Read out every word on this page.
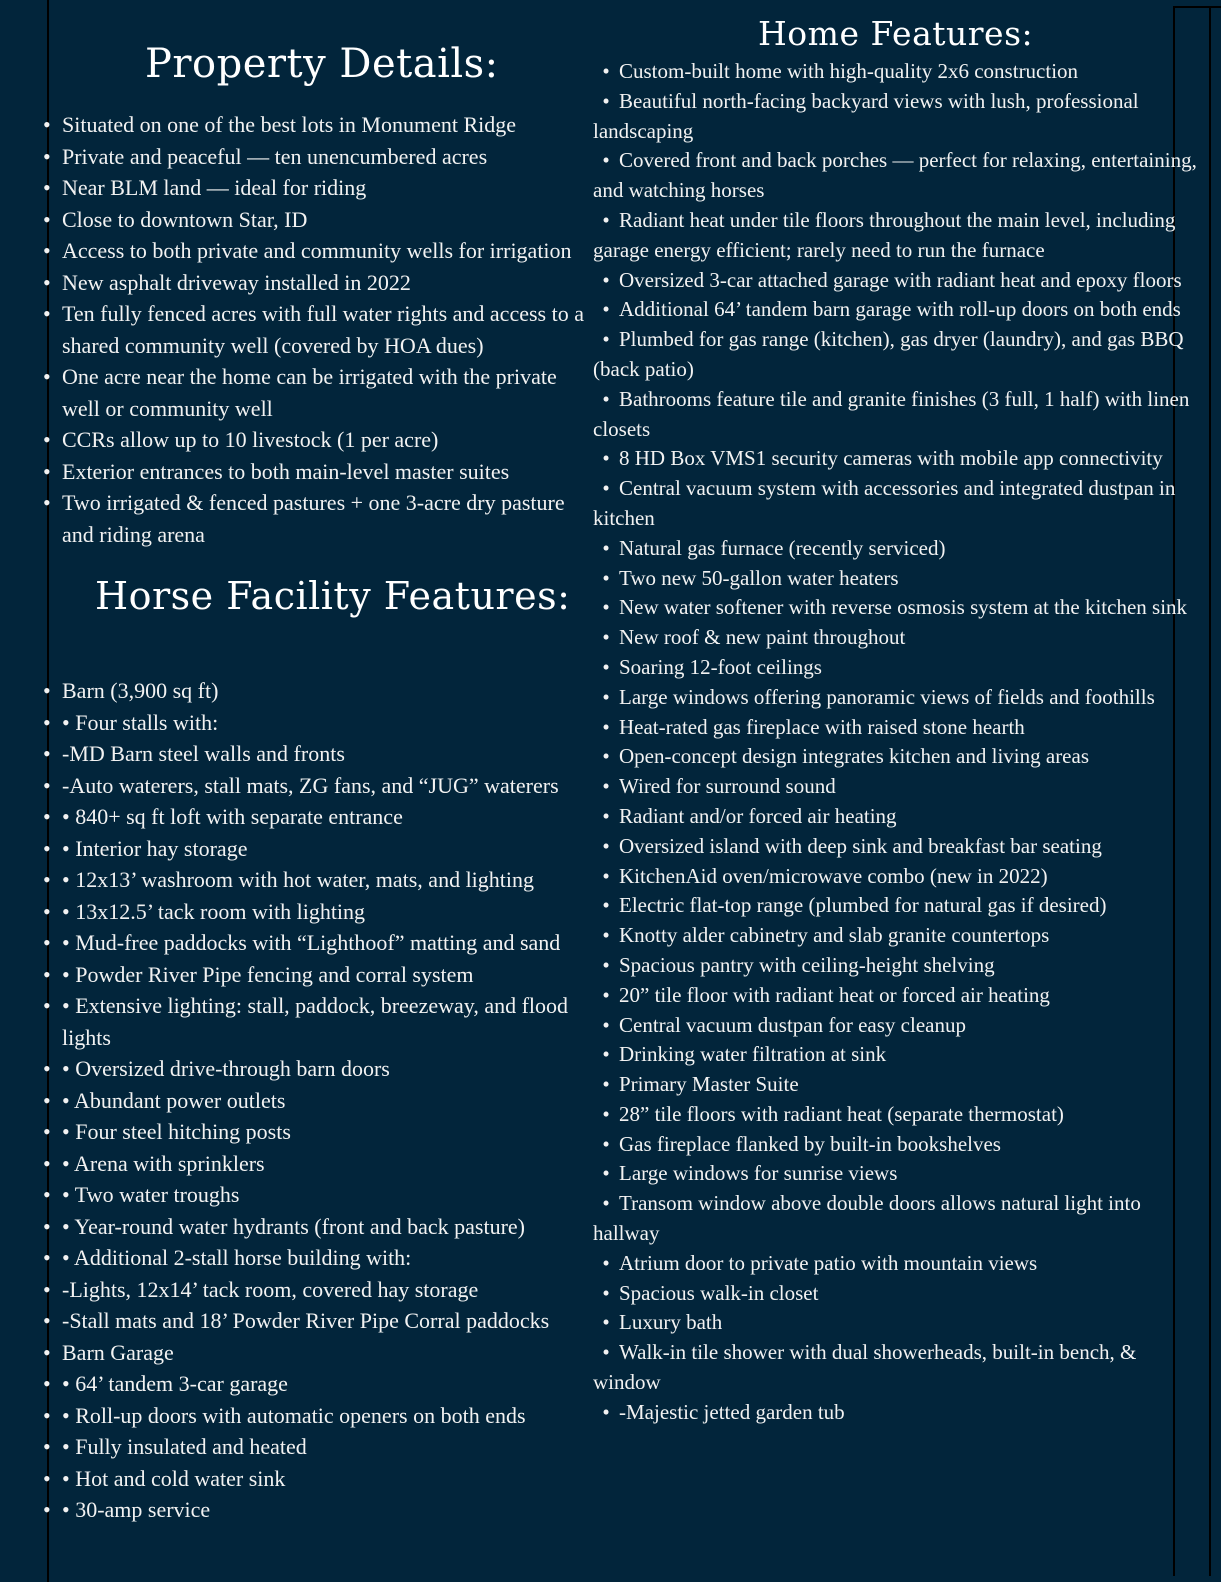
Property Details:
• Situated on one of the best lots in Monument Ridge
• Private and peaceful — ten unencumbered acres
• Near BLM land — ideal for riding
• Close to downtown Star, ID
• Access to both private and community wells for irrigation
• New asphalt driveway installed in 2022
• Ten fully fenced acres with full water rights and access to a shared community well (covered by HOA dues)
• One acre near the home can be irrigated with the private well or community well
• CCRs allow up to 10 livestock (1 per acre)
• Exterior entrances to both main-level master suites
• Two irrigated & fenced pastures + one 3-acre dry pasture and riding arena
Horse Facility Features:
• Barn (3,900 sq ft)
• • Four stalls with:
• -MD Barn steel walls and fronts
• -Auto waterers, stall mats, ZG fans, and “JUG” waterers
• • 840+ sq ft loft with separate entrance
• • Interior hay storage
• • 12x13’ washroom with hot water, mats, and lighting
• • 13x12.5’ tack room with lighting
• • Mud-free paddocks with “Lighthoof” matting and sand
• • Powder River Pipe fencing and corral system
• • Extensive lighting: stall, paddock, breezeway, and flood lights
• • Oversized drive-through barn doors
• • Abundant power outlets
• • Four steel hitching posts
• • Arena with sprinklers
• • Two water troughs
• • Year-round water hydrants (front and back pasture)
• • Additional 2-stall horse building with:
• -Lights, 12x14’ tack room, covered hay storage
• -Stall mats and 18’ Powder River Pipe Corral paddocks
• Barn Garage
• • 64’ tandem 3-car garage
• • Roll-up doors with automatic openers on both ends
• • Fully insulated and heated
• • Hot and cold water sink
• • 30-amp service
Home Features:
• Custom-built home with high-quality 2x6 construction
• Beautiful north-facing backyard views with lush, professional landscaping
• Covered front and back porches — perfect for relaxing, entertaining, and watching horses
• Radiant heat under tile floors throughout the main level, including garage energy efficient; rarely need to run the furnace
• Oversized 3-car attached garage with radiant heat and epoxy floors
• Additional 64’ tandem barn garage with roll-up doors on both ends
• Plumbed for gas range (kitchen), gas dryer (laundry), and gas BBQ (back patio)
• Bathrooms feature tile and granite finishes (3 full, 1 half) with linen closets
• 8 HD Box VMS1 security cameras with mobile app connectivity
• Central vacuum system with accessories and integrated dustpan in kitchen
• Natural gas furnace (recently serviced)
• Two new 50-gallon water heaters
• New water softener with reverse osmosis system at the kitchen sink
• New roof & new paint throughout
• Soaring 12-foot ceilings
• Large windows offering panoramic views of fields and foothills
• Heat-rated gas fireplace with raised stone hearth
• Open-concept design integrates kitchen and living areas
• Wired for surround sound
• Radiant and/or forced air heating
• Oversized island with deep sink and breakfast bar seating
• KitchenAid oven/microwave combo (new in 2022)
• Electric flat-top range (plumbed for natural gas if desired)
• Knotty alder cabinetry and slab granite countertops
• Spacious pantry with ceiling-height shelving
• 20” tile floor with radiant heat or forced air heating
• Central vacuum dustpan for easy cleanup
• Drinking water filtration at sink
• Primary Master Suite
• 28” tile floors with radiant heat (separate thermostat)
• Gas fireplace flanked by built-in bookshelves
• Large windows for sunrise views
• Transom window above double doors allows natural light into hallway
• Atrium door to private patio with mountain views
• Spacious walk-in closet
• Luxury bath
• Walk-in tile shower with dual showerheads, built-in bench, & window
• -Majestic jetted garden tub
